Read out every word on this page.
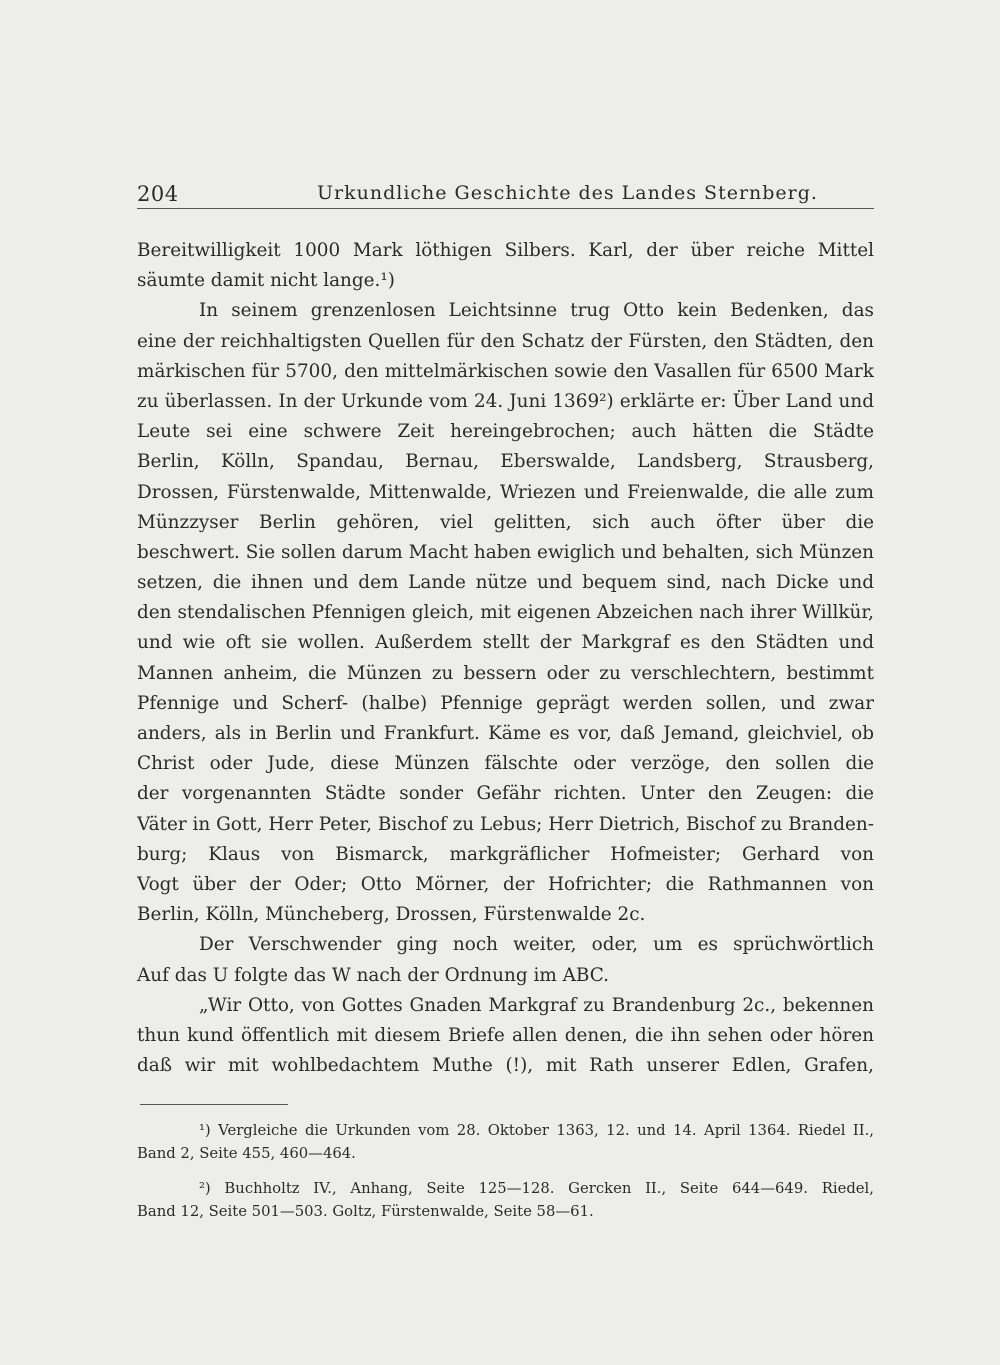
204	Urkundliche Geschichte des Landes Sternberg.
Bereitwilligkeit 1000 Mark löthigen Silbers. Karl, der über reiche Mittel
säumte damit nicht lange.¹)
In seinem grenzenlosen Leichtsinne trug Otto kein Bedenken, das
eine der reichhaltigsten Quellen für den Schatz der Fürsten, den Städten, den
märkischen für 5700, den mittelmärkischen sowie den Vasallen für 6500 Mark
zu überlassen. In der Urkunde vom 24. Juni 1369²) erklärte er: Über Land und
Leute sei eine schwere Zeit hereingebrochen; auch hätten die Städte
Berlin, Kölln, Spandau, Bernau, Eberswalde, Landsberg, Strausberg,
Drossen, Fürstenwalde, Mittenwalde, Wriezen und Freienwalde, die alle zum
Münzzyser Berlin gehören, viel gelitten, sich auch öfter über die
beschwert. Sie sollen darum Macht haben ewiglich und behalten, sich Münzen
setzen, die ihnen und dem Lande nütze und bequem sind, nach Dicke und
den stendalischen Pfennigen gleich, mit eigenen Abzeichen nach ihrer Willkür,
und wie oft sie wollen. Außerdem stellt der Markgraf es den Städten und
Mannen anheim, die Münzen zu bessern oder zu verschlechtern, bestimmt
Pfennige und Scherf- (halbe) Pfennige geprägt werden sollen, und zwar
anders, als in Berlin und Frankfurt. Käme es vor, daß Jemand, gleichviel, ob
Christ oder Jude, diese Münzen fälschte oder verzöge, den sollen die
der vorgenannten Städte sonder Gefähr richten. Unter den Zeugen: die
Väter in Gott, Herr Peter, Bischof zu Lebus; Herr Dietrich, Bischof zu Branden-
burg; Klaus von Bismarck, markgräflicher Hofmeister; Gerhard von
Vogt über der Oder; Otto Mörner, der Hofrichter; die Rathmannen von
Berlin, Kölln, Müncheberg, Drossen, Fürstenwalde 2c.
Der Verschwender ging noch weiter, oder, um es sprüchwörtlich
Auf das U folgte das W nach der Ordnung im ABC.
„Wir Otto, von Gottes Gnaden Markgraf zu Brandenburg 2c., bekennen
thun kund öffentlich mit diesem Briefe allen denen, die ihn sehen oder hören
daß wir mit wohlbedachtem Muthe (!), mit Rath unserer Edlen, Grafen,
¹) Vergleiche die Urkunden vom 28. Oktober 1363, 12. und 14. April 1364. Riedel II.,
Band 2, Seite 455, 460—464.
²) Buchholtz IV., Anhang, Seite 125—128. Gercken II., Seite 644—649. Riedel,
Band 12, Seite 501—503. Goltz, Fürstenwalde, Seite 58—61.
